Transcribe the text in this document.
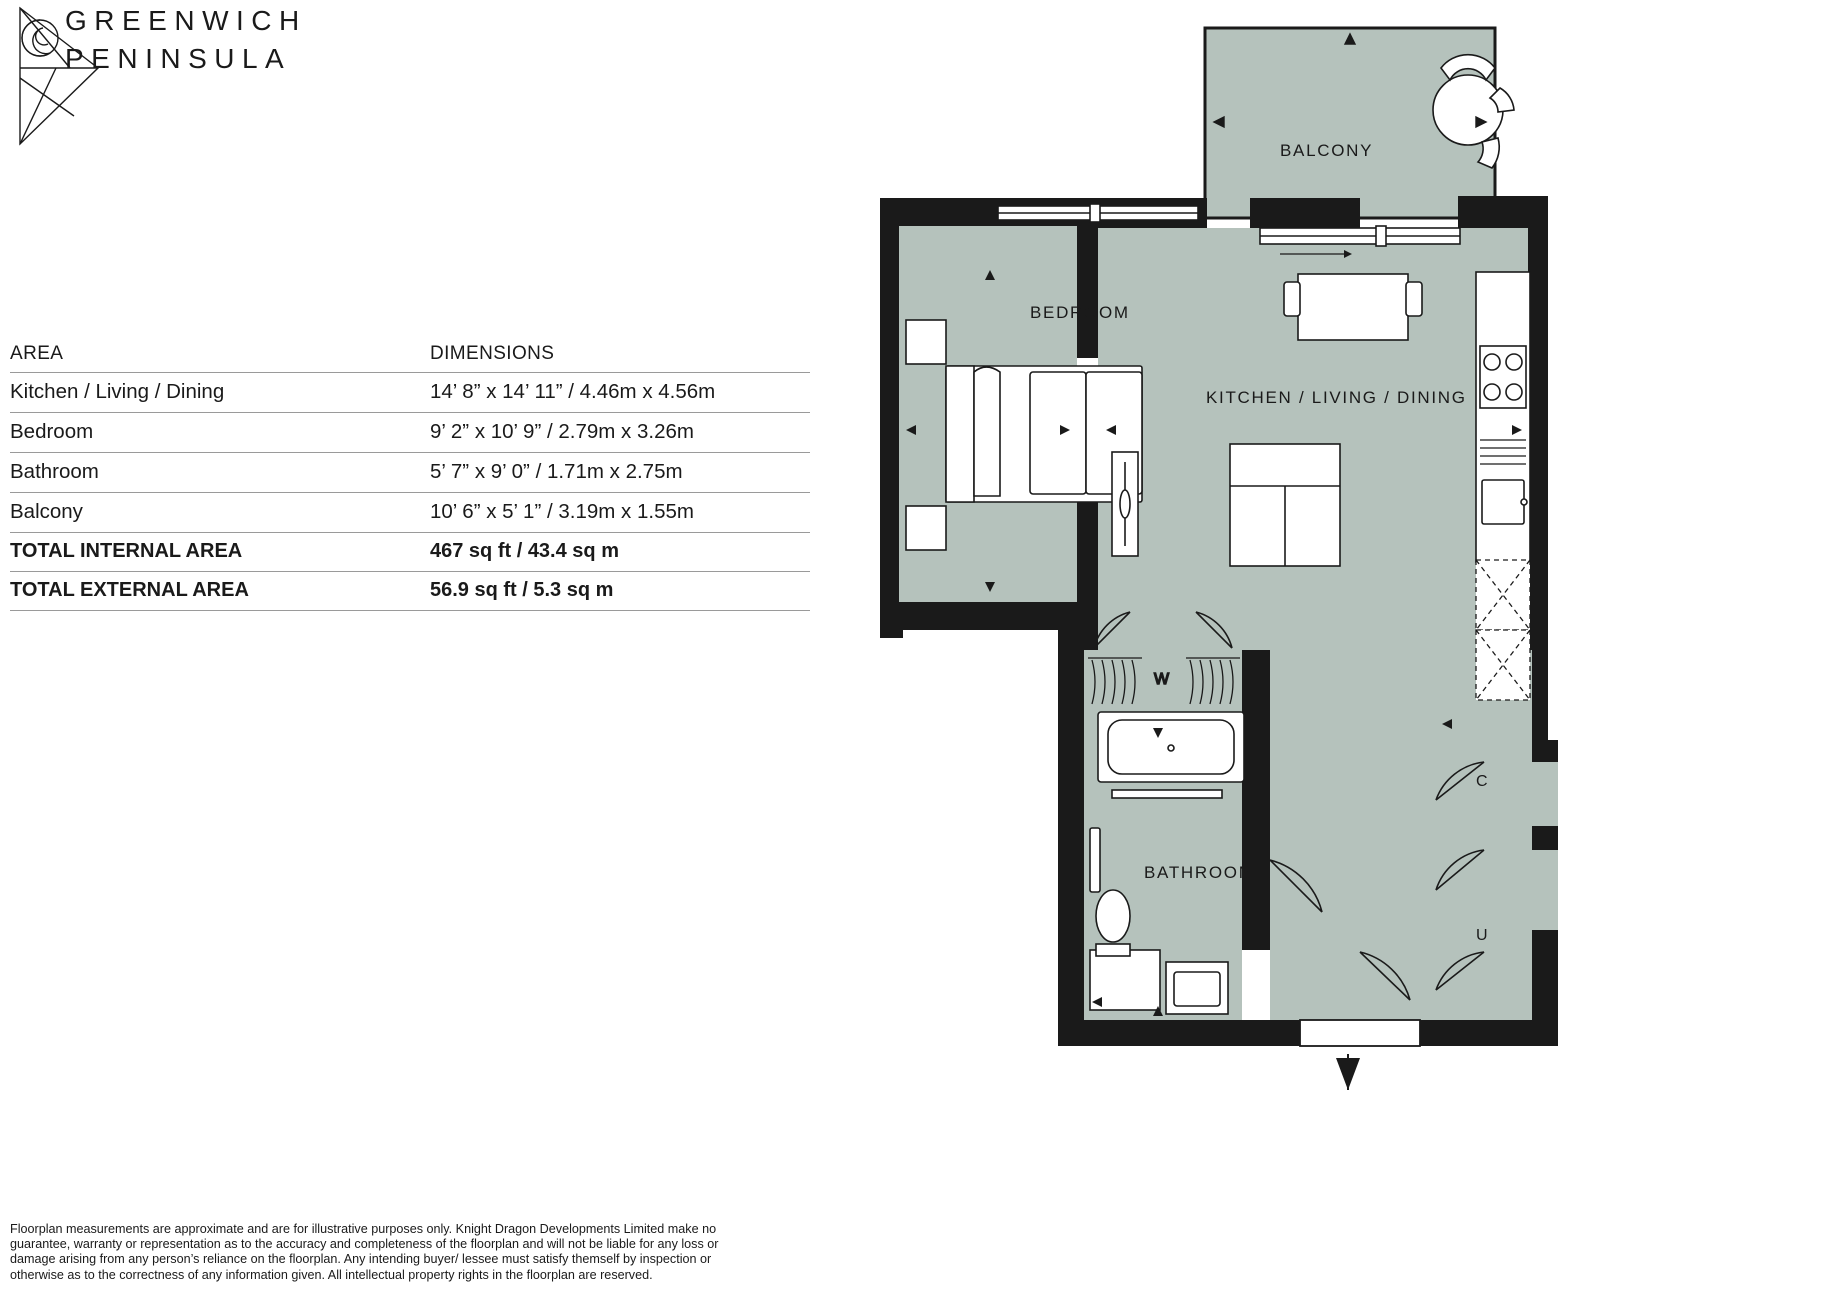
GREENWICH
PENINSULA
AREA	DIMENSIONS
Kitchen / Living / Dining	14’ 8” x 14’ 11” / 4.46m x 4.56m
Bedroom	9’ 2” x 10’ 9” / 2.79m x 3.26m
Bathroom	5’ 7” x 9’ 0” / 1.71m x 2.75m
Balcony	10’ 6” x 5’ 1” / 3.19m x 1.55m
TOTAL INTERNAL AREA	467 sq ft / 43.4 sq m
TOTAL EXTERNAL AREA	56.9 sq ft / 5.3 sq m
Floorplan measurements are approximate and are for illustrative purposes only. Knight Dragon Developments Limited make no guarantee, warranty or representation as to the accuracy and completeness of the floorplan and will not be liable for any loss or damage arising from any person’s reliance on the floorplan. Any intending buyer/ lessee must satisfy themself by inspection or otherwise as to the correctness of any information given. All intellectual property rights in the floorplan are reserved.
BALCONY
W
BATHROOM
C
U
BEDROOM
KITCHEN / LIVING / DINING
